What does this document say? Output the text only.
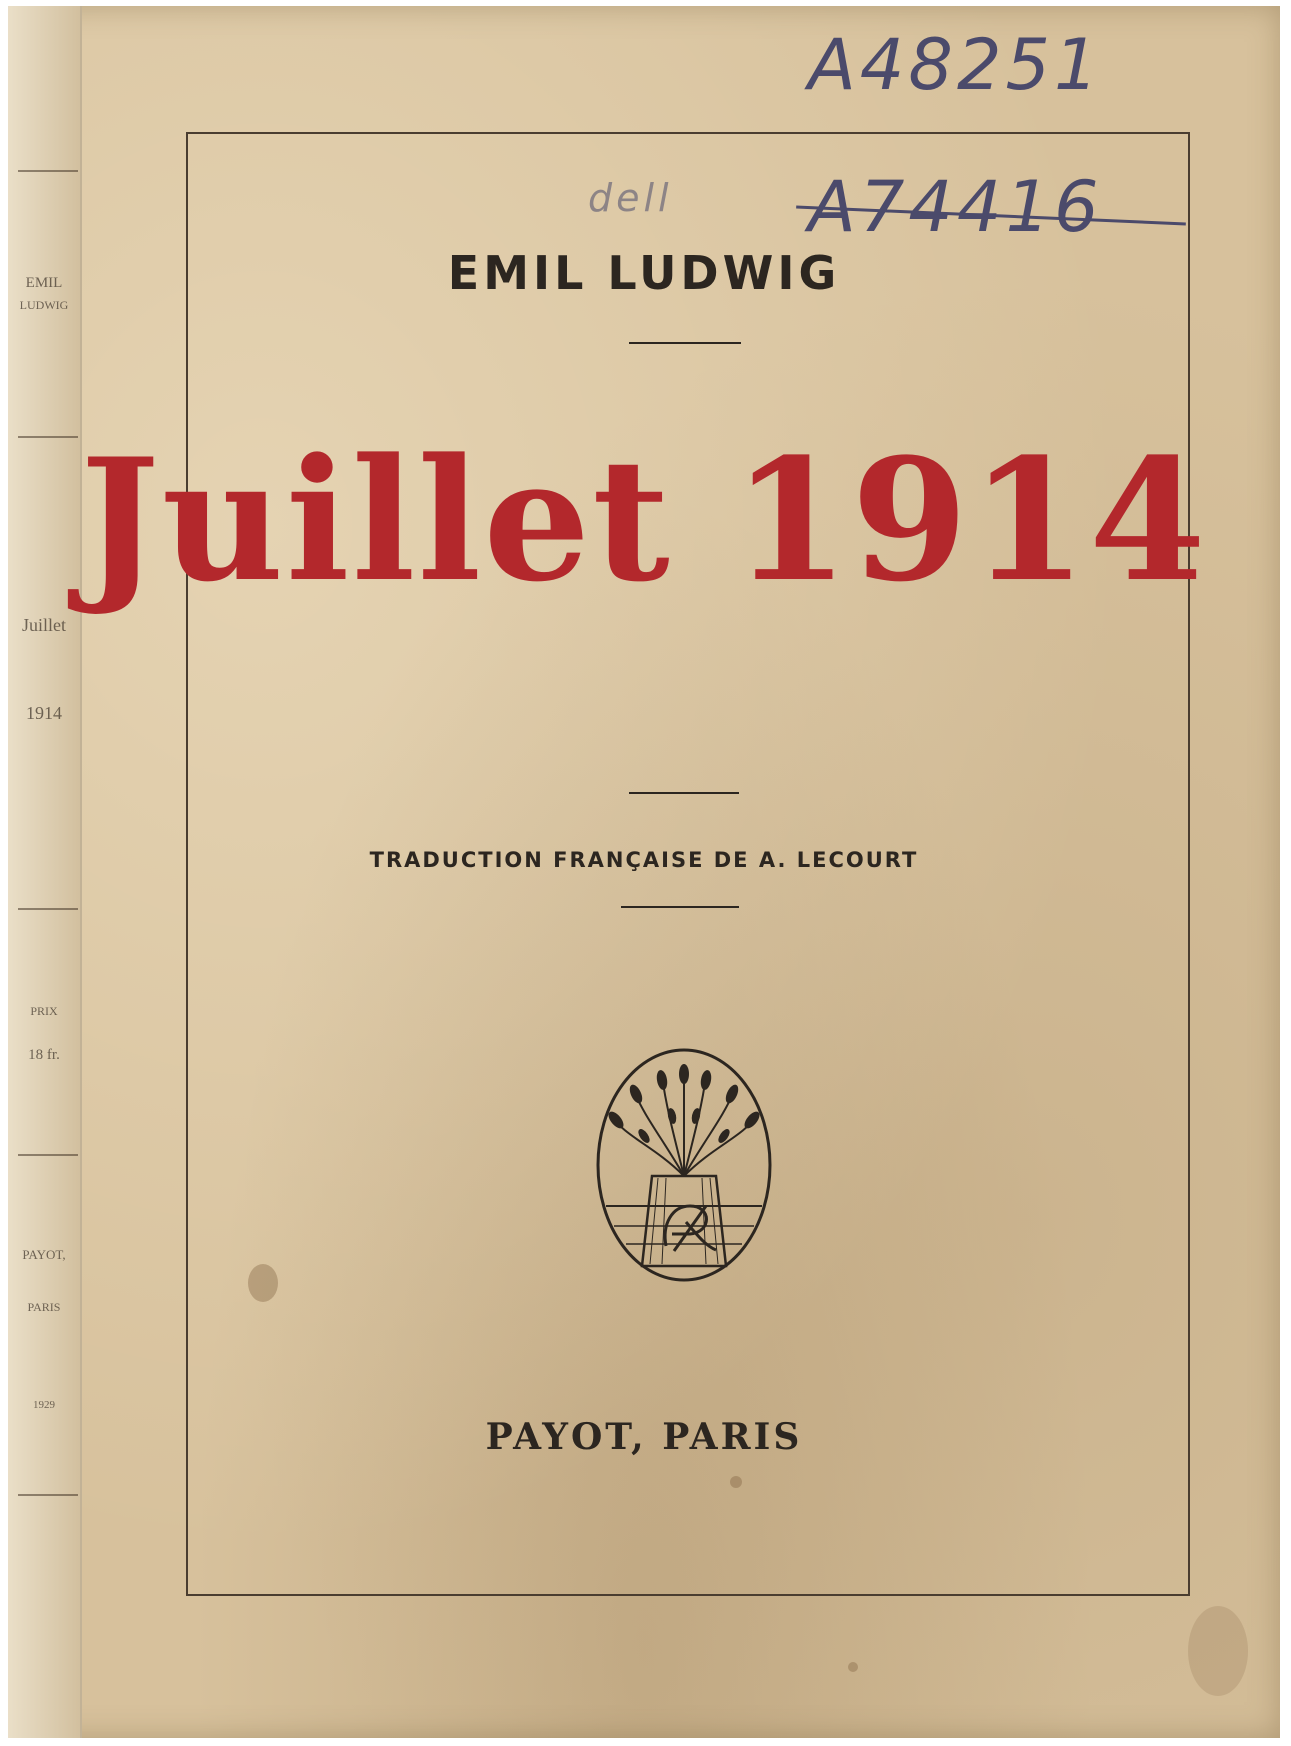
EMIL
LUDWIG
Juillet
1914
PRIX
18 fr.
PAYOT,
PARIS
1929
EMIL LUDWIG
Juillet 1914
TRADUCTION FRANÇAISE DE A. LECOURT
PAYOT, PARIS
A48251
A74416
dell
